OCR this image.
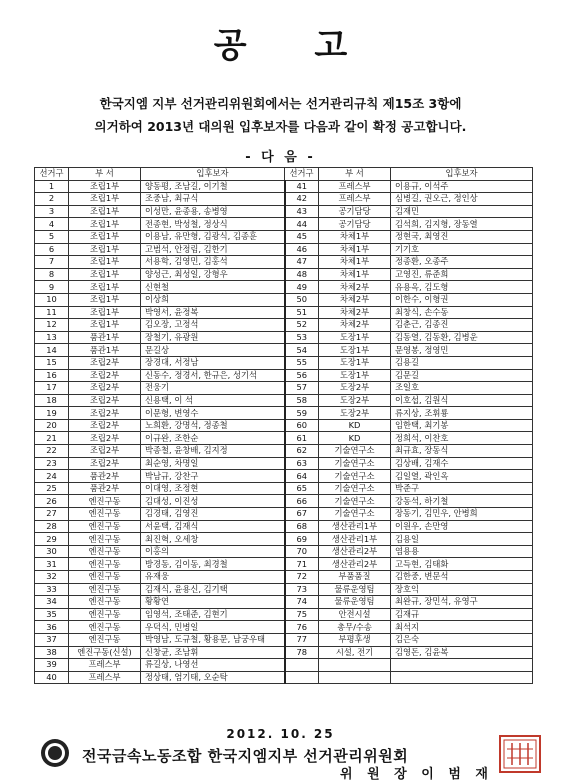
공 고
한국지엠 지부 선거관리위원회에서는 선거관리규칙 제15조 3항에
의거하여 2013년 대의원 입후보자를 다음과 같이 확정 공고합니다.
- 다 음 -
선거구	부 서	입후보자	선거구	부 서	입후보자
1	조립1부	양동평, 조남길, 이기철	41	프레스부	이용규, 이석주
2	조립1부	조중남, 최규식	42	프레스부	심병길, 권오근, 정인상
3	조립1부	이성만, 윤종용, 송병영	43	공기담당	김재민
4	조립1부	전종현, 박성철, 정상식	44	공기담당	김석희, 김지형, 장동열
5	조립1부	이용남, 유만형, 김광식, 김종훈	45	차체1부	정현국, 최영진
6	조립1부	고범석, 안정림, 김한기	46	차체1부	기기호
7	조립1부	서용학, 김영민, 김홍석	47	차체1부	정종환, 오종주
8	조립1부	양성근, 최성일, 강형우	48	차체1부	고영진, 류준희
9	조립1부	신현철	49	차체2부	유용옥, 김도형
10	조립1부	이상희	50	차체2부	이한수, 이형권
11	조립1부	박영서, 윤정복	51	차체2부	최창식, 손수동
12	조립1부	김오장, 고정석	52	차체2부	김춘근, 김종진
13	품관1부	장철기, 유광원	53	도장1부	김동열, 김동환, 김병운
14	품관1부	문길상	54	도장1부	문영봉, 정영민
15	조립2부	장경대, 서정남	55	도장1부	김용길
16	조립2부	신동수, 정경서, 한규은, 성기석	56	도장1부	김문길
17	조립2부	전웅기	57	도장2부	조일호
18	조립2부	신용택, 이 석	58	도장2부	이호섭, 김원식
19	조립2부	이문형, 변영수	59	도장2부	류지상, 조휘룡
20	조립2부	노희환, 강명석, 정종철	60	KD	임한택, 최기봉
21	조립2부	이규완, 조한순	61	KD	정희석, 이찬호
22	조립2부	박종철, 윤창배, 김지정	62	기술연구소	최규효, 장동식
23	조립2부	최순영, 차명일	63	기술연구소	김상배, 김재수
24	품관2부	박남규, 강찬구	64	기술연구소	김일열, 곽인옥
25	품관2부	이대영, 조정현	65	기술연구소	박준구
26	엔진구동	김대성, 이진성	66	기술연구소	강동석, 하기철
27	엔진구동	김경태, 김영진	67	기술연구소	장동기, 김민우, 안병희
28	엔진구동	서윤택, 김재식	68	생산관리1부	이원우, 손만영
29	엔진구동	최진혁, 오세창	69	생산관리1부	김용일
30	엔진구동	이홍의	70	생산관리2부	염용용
31	엔진구동	방경동, 김이동, 최경철	71	생산관리2부	고득현, 김태화
32	엔진구동	유재웅	72	부품품질	김한중, 변문석
33	엔진구동	김재식, 윤용신, 김기택	73	물류운영팀	장호익
34	엔진구동	황황연	74	물류운영팀	최완규, 장민석, 유영구
35	엔진구동	임영석, 조태준, 김현기	75	안전시설	김재규
36	엔진구동	우덕식, 민병일	76	총무/수송	최석지
37	엔진구동	박영남, 도규철, 황용문, 남궁우태	77	부평후생	김은숙
38	엔진구동(신설)	신창균, 조남휘	78	시설, 전기	김영돈, 김윤복
39	프레스부	류길상, 나영선			
40	프레스부	정상태, 엄기태, 오순탁			
2012. 10. 25
전국금속노동조합 한국지엠지부 선거관리위원회
위 원 장 이 범 재
